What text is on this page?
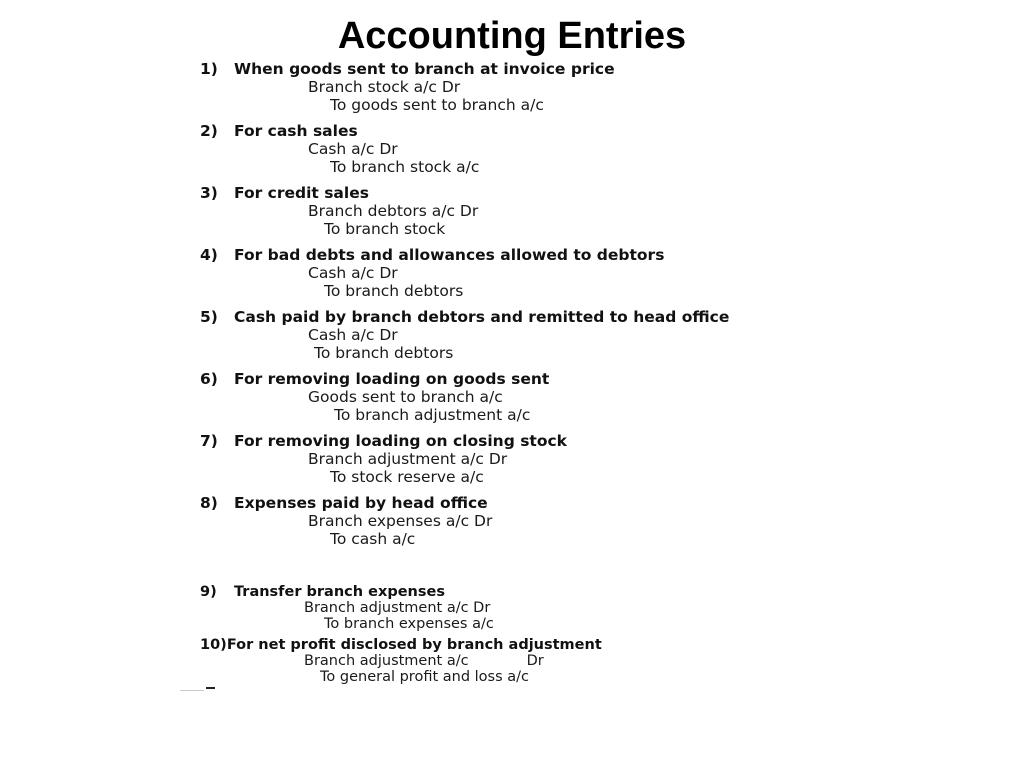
Accounting Entries
1) When goods sent to branch at invoice price
Branch stock a/c Dr
To goods sent to branch a/c
2) For cash sales
Cash a/c Dr
To branch stock a/c
3) For credit sales
Branch debtors a/c Dr
To branch stock
4) For bad debts and allowances allowed to debtors
Cash a/c Dr
To branch debtors
5) Cash paid by branch debtors and remitted to head office
Cash a/c Dr
To branch debtors
6) For removing loading on goods sent
Goods sent to branch a/c
To branch adjustment a/c
7) For removing loading on closing stock
Branch adjustment a/c Dr
To stock reserve a/c
8) Expenses paid by head office
Branch expenses a/c Dr
To cash a/c
9) Transfer branch expenses
Branch adjustment a/c Dr
To branch expenses a/c
10)For net profit disclosed by branch adjustment
Branch adjustment a/c	Dr
To general profit and loss a/c
